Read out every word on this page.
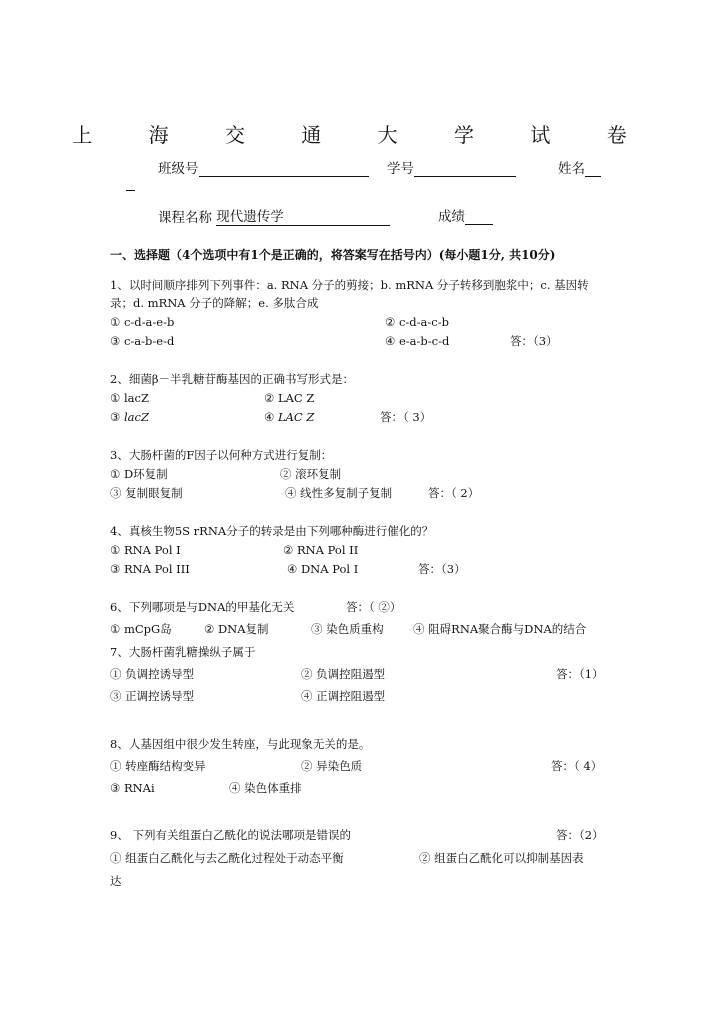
上 海 交 通 大 学 试 卷
班级号	学号	姓名
课程名称 现代遗传学	成绩
一、选择题（4个选项中有1个是正确的，将答案写在括号内）(每小题1分, 共10分)
1、以时间顺序排列下列事件：a. RNA 分子的剪接；b. mRNA 分子转移到胞浆中；c. 基因转
录；d. mRNA 分子的降解；e. 多肽合成
① c-d-a-e-b	② c-d-a-c-b
③ c-a-b-e-d	④ e-a-b-c-d	答：（3）
2、细菌β－半乳糖苷酶基因的正确书写形式是：
① lacZ	② LAC Z
③ lacZ	④ LAC Z	答：（ 3）
3、大肠杆菌的F因子以何种方式进行复制：
① D环复制	② 滚环复制
③ 复制眼复制	④ 线性多复制子复制	答：（ 2）
4、真核生物5S rRNA分子的转录是由下列哪种酶进行催化的？
① RNA Pol I	② RNA Pol II
③ RNA Pol III	④ DNA Pol I	答：（3）
6、下列哪项是与DNA的甲基化无关	答：（ ②）
① mCpG岛	② DNA复制	③ 染色质重构	④ 阻碍RNA聚合酶与DNA的结合
7、大肠杆菌乳糖操纵子属于
① 负调控诱导型	② 负调控阻遏型	答：（1）
③ 正调控诱导型	④ 正调控阻遏型
8、人基因组中很少发生转座，与此现象无关的是。
① 转座酶结构变异	② 异染色质	答：（ 4）
③ RNAi	④ 染色体重排
9、 下列有关组蛋白乙酰化的说法哪项是错误的	答：（2）
① 组蛋白乙酰化与去乙酰化过程处于动态平衡	② 组蛋白乙酰化可以抑制基因表
达
